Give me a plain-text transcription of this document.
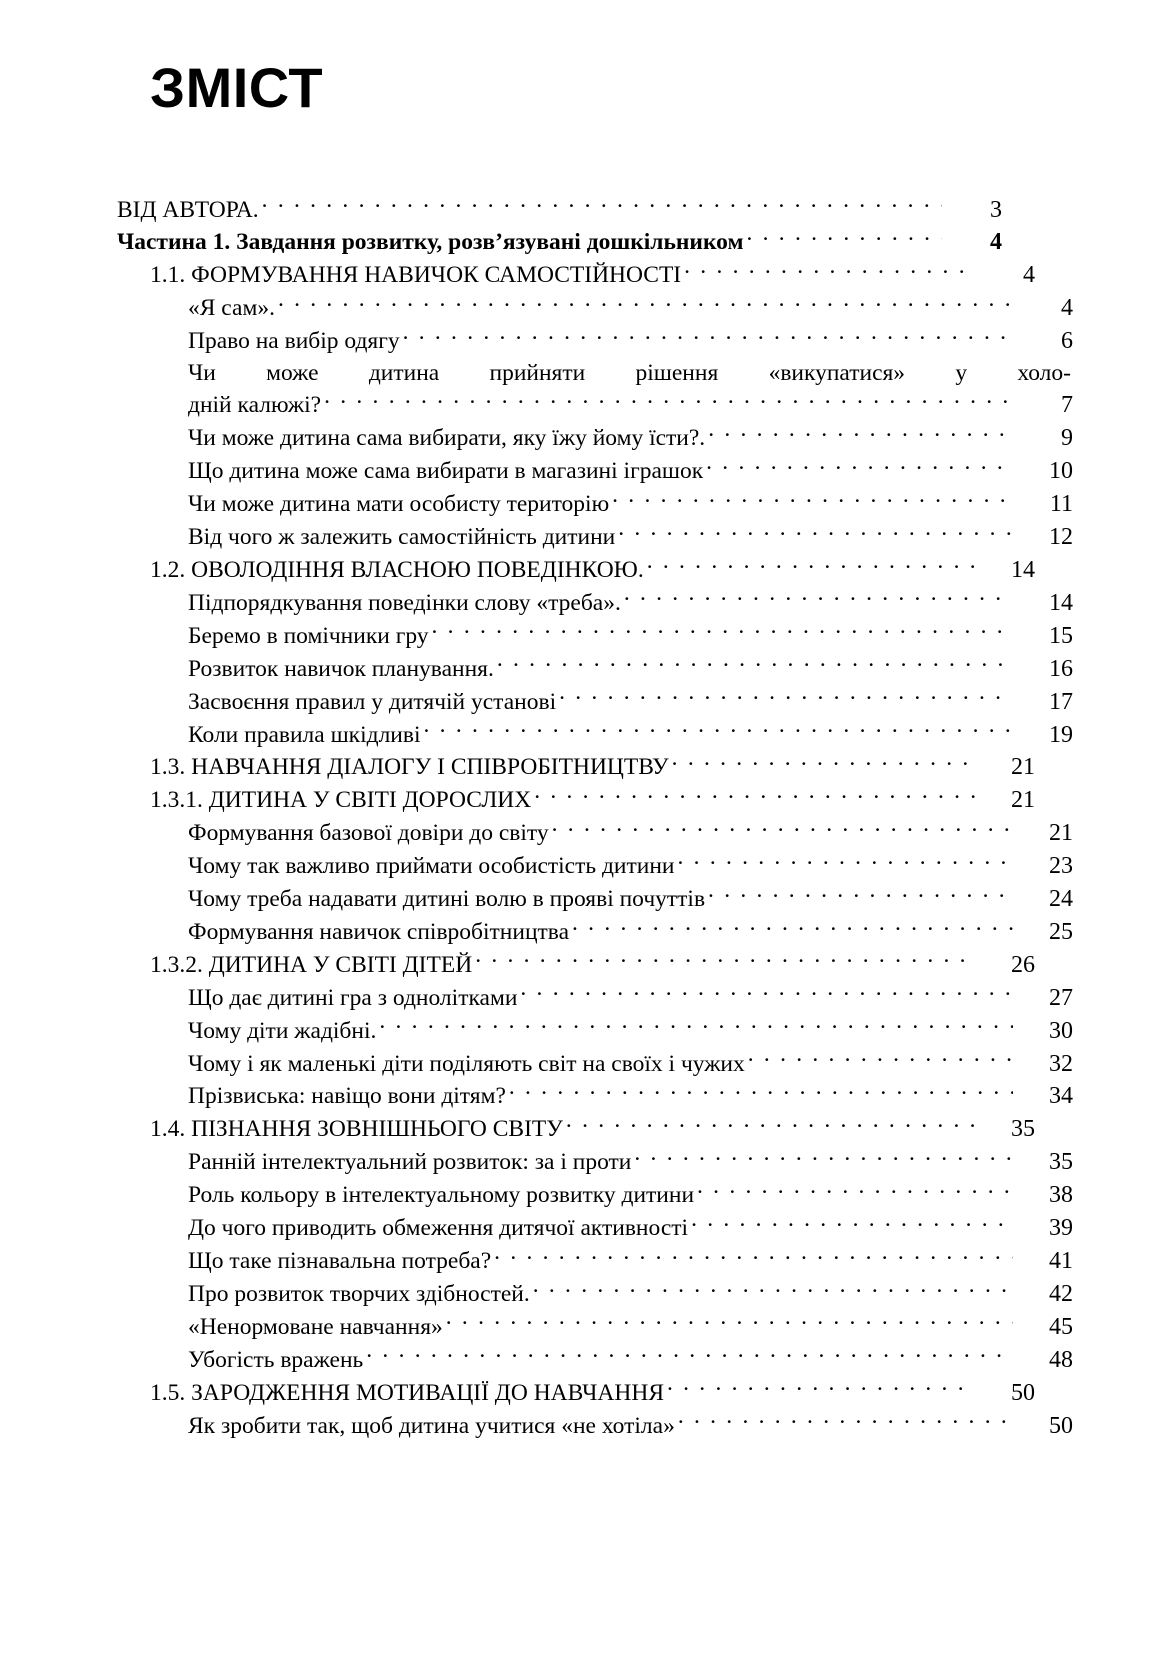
ЗМІСТ
ВІД АВТОРА. . . .	3
Частина 1. Завдання розвитку, розв’язувані дошкільником . . .	4
1.1. ФОРМУВАННЯ НАВИЧОК САМОСТІЙНОСТІ . . .	4
«Я сам». . . .	4
Право на вибір одягу . . .	6
Чи може дитина прийняти рішення «викупатися» у холо-
дній калюжі? . . .	7
Чи може дитина сама вибирати, яку їжу йому їсти?. . . .	9
Що дитина може сама вибирати в магазині іграшок . . .	10
Чи може дитина мати особисту територію . . .	11
Від чого ж залежить самостійність дитини . . .	12
1.2. ОВОЛОДІННЯ ВЛАСНОЮ ПОВЕДІНКОЮ. . . .	14
Підпорядкування поведінки слову «треба». . . .	14
Беремо в помічники гру . . .	15
Розвиток навичок планування. . . .	16
Засвоєння правил у дитячій установі . . .	17
Коли правила шкідливі . . .	19
1.3. НАВЧАННЯ ДІАЛОГУ І СПІВРОБІТНИЦТВУ . . .	21
1.3.1. ДИТИНА У СВІТІ ДОРОСЛИХ . . .	21
Формування базової довіри до світу . . .	21
Чому так важливо приймати особистість дитини . . .	23
Чому треба надавати дитині волю в прояві почуттів . . .	24
Формування навичок співробітництва . . .	25
1.3.2. ДИТИНА У СВІТІ ДІТЕЙ . . .	26
Що дає дитині гра з однолітками . . .	27
Чому діти жадібні. . . .	30
Чому і як маленькі діти поділяють світ на своїх і чужих . . .	32
Прізвиська: навіщо вони дітям? . . .	34
1.4. ПІЗНАННЯ ЗОВНІШНЬОГО СВІТУ . . .	35
Ранній інтелектуальний розвиток: за і проти . . .	35
Роль кольору в інтелектуальному розвитку дитини . . .	38
До чого приводить обмеження дитячої активності . . .	39
Що таке пізнавальна потреба? . . .	41
Про розвиток творчих здібностей. . . .	42
«Ненормоване навчання» . . .	45
Убогість вражень . . .	48
1.5. ЗАРОДЖЕННЯ МОТИВАЦІЇ ДО НАВЧАННЯ . . .	50
Як зробити так, щоб дитина учитися «не хотіла» . . .	50
